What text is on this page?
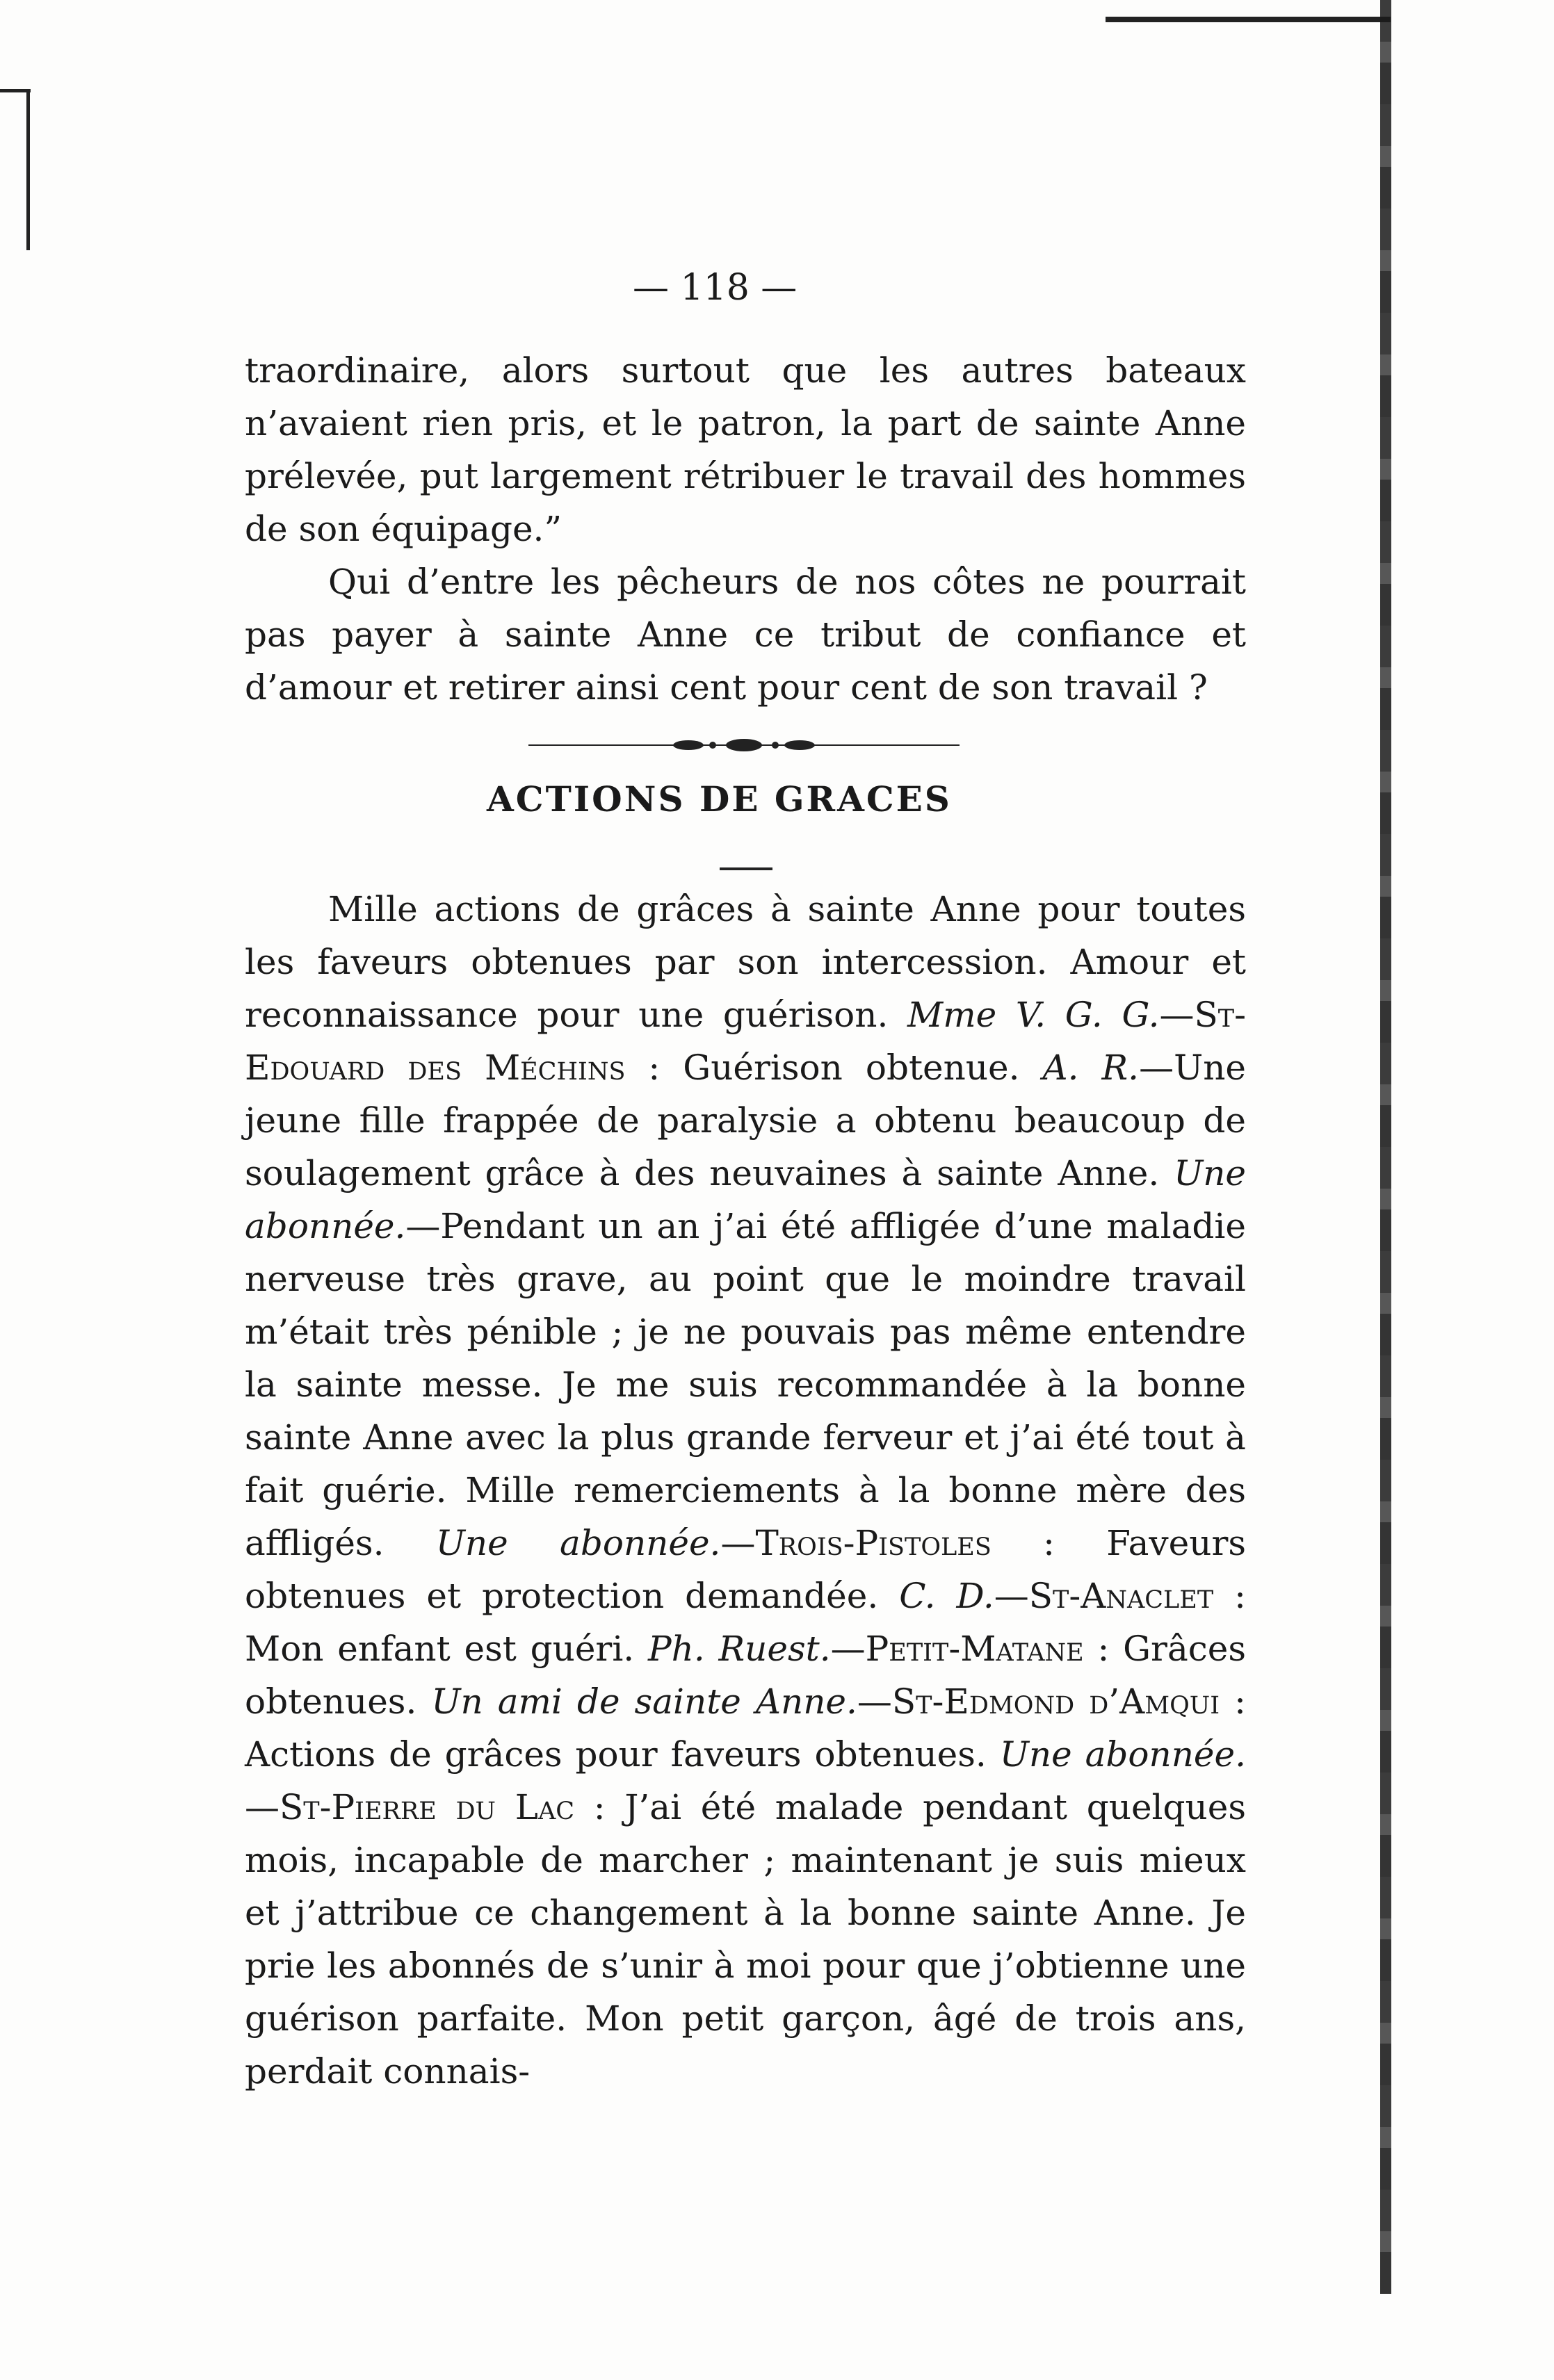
— 118 —

traordinaire, alors surtout que les autres bateaux n’avaient rien pris, et le patron, la part de sainte Anne prélevée, put largement rétribuer le travail des hommes de son équipage.”

Qui d’entre les pêcheurs de nos côtes ne pourrait pas payer à sainte Anne ce tribut de confiance et d’amour et retirer ainsi cent pour cent de son travail ?

ACTIONS DE GRACES

Mille actions de grâces à sainte Anne pour toutes les faveurs obtenues par son intercession. Amour et reconnaissance pour une guérison. Mme V. G. G.—St-Edouard des Méchins : Guérison obtenue. A. R.—Une jeune fille frappée de paralysie a obtenu beaucoup de soulagement grâce à des neuvaines à sainte Anne. Une abonnée.—Pendant un an j’ai été affligée d’une maladie nerveuse très grave, au point que le moindre travail m’était très pénible ; je ne pouvais pas même entendre la sainte messe. Je me suis recommandée à la bonne sainte Anne avec la plus grande ferveur et j’ai été tout à fait guérie. Mille remerciements à la bonne mère des affligés. Une abonnée.—Trois-Pistoles : Faveurs obtenues et protection demandée. C. D.—St-Anaclet : Mon enfant est guéri. Ph. Ruest.—Petit-Matane : Grâces obtenues. Un ami de sainte Anne.—St-Edmond d’Amqui : Actions de grâces pour faveurs obtenues. Une abonnée.—St-Pierre du Lac : J’ai été malade pendant quelques mois, incapable de marcher ; maintenant je suis mieux et j’attribue ce changement à la bonne sainte Anne. Je prie les abonnés de s’unir à moi pour que j’obtienne une guérison parfaite. Mon petit garçon, âgé de trois ans, perdait connais-
